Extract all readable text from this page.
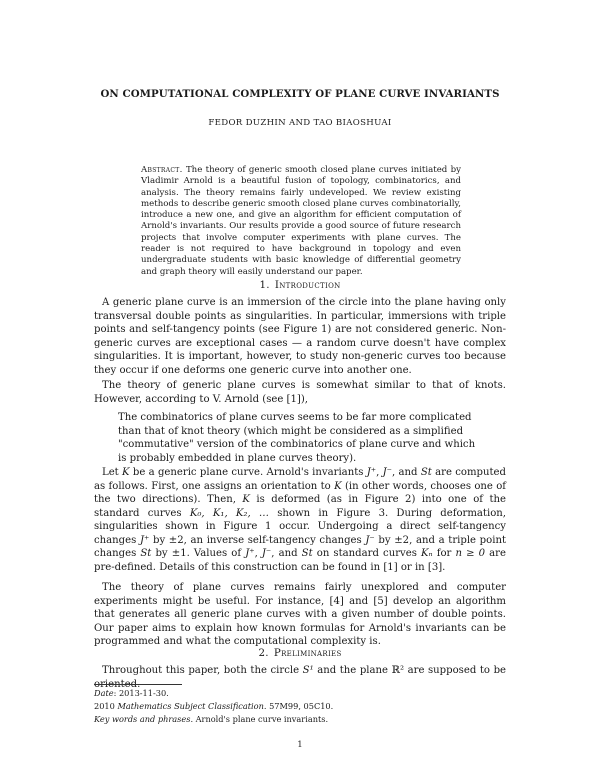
ON COMPUTATIONAL COMPLEXITY OF PLANE CURVE INVARIANTS
FEDOR DUZHIN AND TAO BIAOSHUAI
Abstract. The theory of generic smooth closed plane curves initiated by Vladimir Arnold is a beautiful fusion of topology, combinatorics, and analysis. The theory remains fairly undeveloped. We review existing methods to describe generic smooth closed plane curves combinatorially, introduce a new one, and give an algorithm for efficient computation of Arnold's invariants. Our results provide a good source of future research projects that involve computer experiments with plane curves. The reader is not required to have background in topology and even undergraduate students with basic knowledge of differential geometry and graph theory will easily understand our paper.
1. Introduction
A generic plane curve is an immersion of the circle into the plane having only transversal double points as singularities. In particular, immersions with triple points and self-tangency points (see Figure 1) are not considered generic. Non-generic curves are exceptional cases — a random curve doesn't have complex singularities. It is important, however, to study non-generic curves too because they occur if one deforms one generic curve into another one.
The theory of generic plane curves is somewhat similar to that of knots. However, according to V. Arnold (see [1]),
The combinatorics of plane curves seems to be far more complicated than that of knot theory (which might be considered as a simplified "commutative" version of the combinatorics of plane curve and which is probably embedded in plane curves theory).
Let K be a generic plane curve. Arnold's invariants J⁺, J⁻, and St are computed as follows. First, one assigns an orientation to K (in other words, chooses one of the two directions). Then, K is deformed (as in Figure 2) into one of the standard curves K₀, K₁, K₂, … shown in Figure 3. During deformation, singularities shown in Figure 1 occur. Undergoing a direct self-tangency changes J⁺ by ±2, an inverse self-tangency changes J⁻ by ±2, and a triple point changes St by ±1. Values of J⁺, J⁻, and St on standard curves Kₙ for n ≥ 0 are pre-defined. Details of this construction can be found in [1] or in [3].
The theory of plane curves remains fairly unexplored and computer experiments might be useful. For instance, [4] and [5] develop an algorithm that generates all generic plane curves with a given number of double points. Our paper aims to explain how known formulas for Arnold's invariants can be programmed and what the computational complexity is.
2. Preliminaries
Throughout this paper, both the circle S¹ and the plane ℝ² are supposed to be oriented.
Date: 2013-11-30.
2010 Mathematics Subject Classification. 57M99, 05C10.
Key words and phrases. Arnold's plane curve invariants.
1
